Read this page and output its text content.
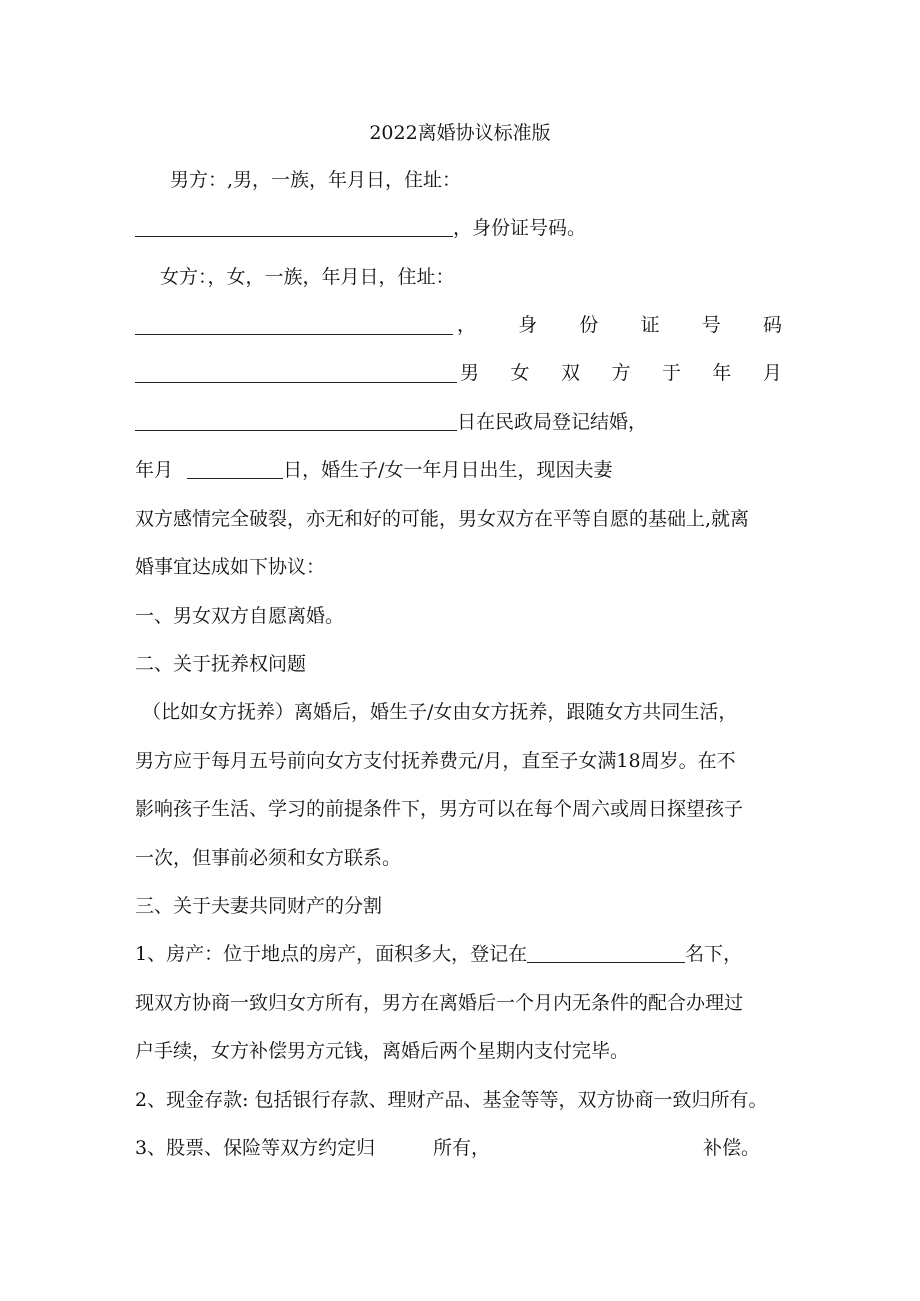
2022离婚协议标准版
男方：,男，一族，年月日，住址：
，身份证号码。
女方：，女，一族，年月日，住址：
， 身 份 证 号 码
男 女 双 方 于 年 月
日在民政局登记结婚，
年月	日，婚生子/女一年月日出生，现因夫妻
双方感情完全破裂，亦无和好的可能，男女双方在平等自愿的基础上,就离
婚事宜达成如下协议：
一、男女双方自愿离婚。
二、关于抚养权问题
（比如女方抚养）离婚后，婚生子/女由女方抚养，跟随女方共同生活，
男方应于每月五号前向女方支付抚养费元/月，直至子女满18周岁。在不
影响孩子生活、学习的前提条件下，男方可以在每个周六或周日探望孩子
一次，但事前必须和女方联系。
三、关于夫妻共同财产的分割
1、房产：位于地点的房产，面积多大，登记在	名下，
现双方协商一致归女方所有，男方在离婚后一个月内无条件的配合办理过
户手续，女方补偿男方元钱，离婚后两个星期内支付完毕。
2、现金存款: 包括银行存款、理财产品、基金等等，双方协商一致归所有。
3、股票、保险等双方约定归	所有，	补偿。
